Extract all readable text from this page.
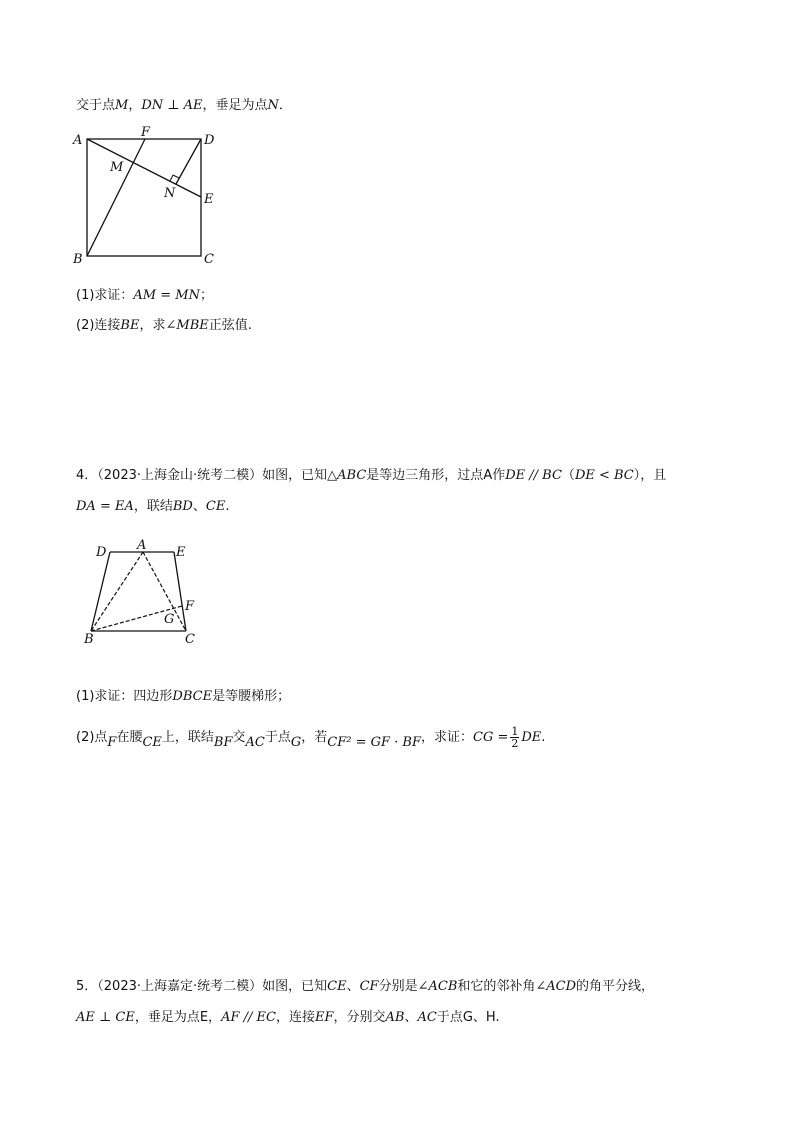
交于点M，DN ⊥ AE，垂足为点N．
A
F
D
M
N E
B	C
(1)求证：AM = MN；
(2)连接BE，求∠MBE正弦值.
4．（2023·上海金山·统考二模）如图，已知△ABC是等边三角形，过点A作DE // BC（DE < BC），且
DA = EA，联结BD、CE.
D A E
F
G
B	C
(1)求证：四边形DBCE是等腰梯形；
(2)点F在腰CE上，联结BF交AC于点G，若CF² = GF · BF，求证：CG = $\frac{1}{2}$ DE.
5．（2023·上海嘉定·统考二模）如图，已知CE、CF分别是∠ACB和它的邻补角∠ACD的角平分线，
AE ⊥ CE，垂足为点E，AF // EC，连接EF，分别交AB、AC于点G、H.
